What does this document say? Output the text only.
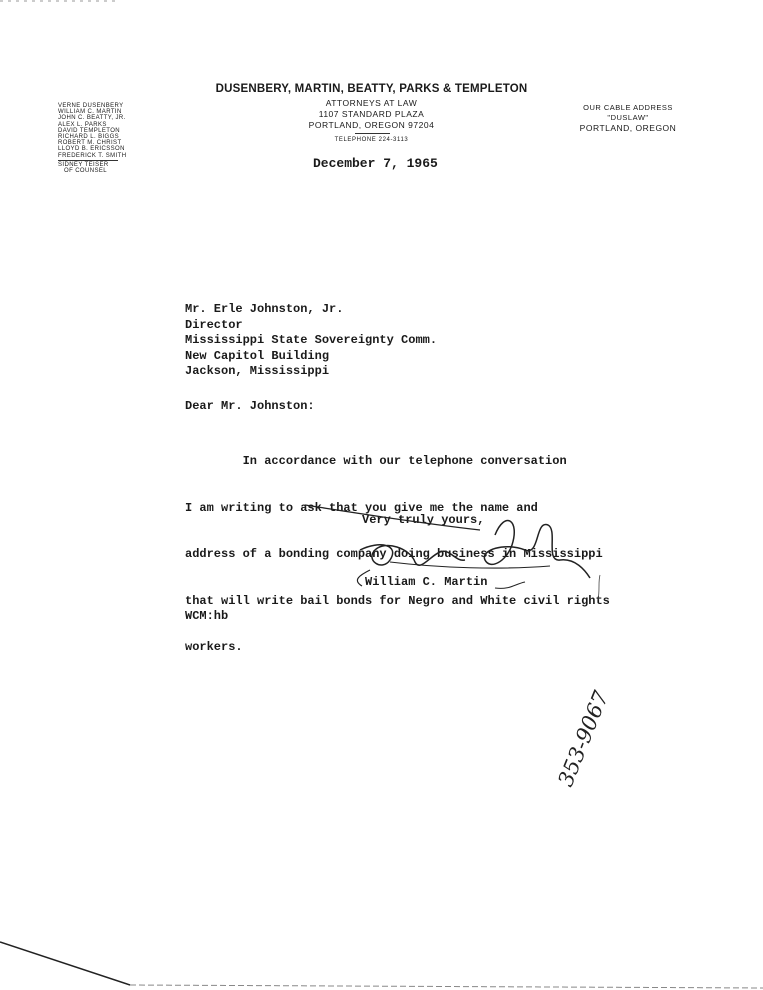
DUSENBERY, MARTIN, BEATTY, PARKS & TEMPLETON
ATTORNEYS AT LAW
1107 STANDARD PLAZA
PORTLAND, OREGON 97204
TELEPHONE 224-3113
VERNE DUSENBERY
WILLIAM C. MARTIN
JOHN C. BEATTY, JR.
ALEX L. PARKS
DAVID TEMPLETON
RICHARD L. BIGGS
ROBERT M. CHRIST
LLOYD B. ERICSSON
FREDERICK T. SMITH
SIDNEY TEISER
OF COUNSEL
OUR CABLE ADDRESS
"DUSLAW"
PORTLAND, OREGON
December 7, 1965
Mr. Erle Johnston, Jr.
Director
Mississippi State Sovereignty Comm.
New Capitol Building
Jackson, Mississippi
Dear Mr. Johnston:

In accordance with our telephone conversation

I am writing to ask that you give me the name and

address of a bonding company doing business in Mississippi

that will write bail bonds for Negro and White civil rights

workers.

Very truly yours,
William C. Martin
WCM:hb
353-9067
